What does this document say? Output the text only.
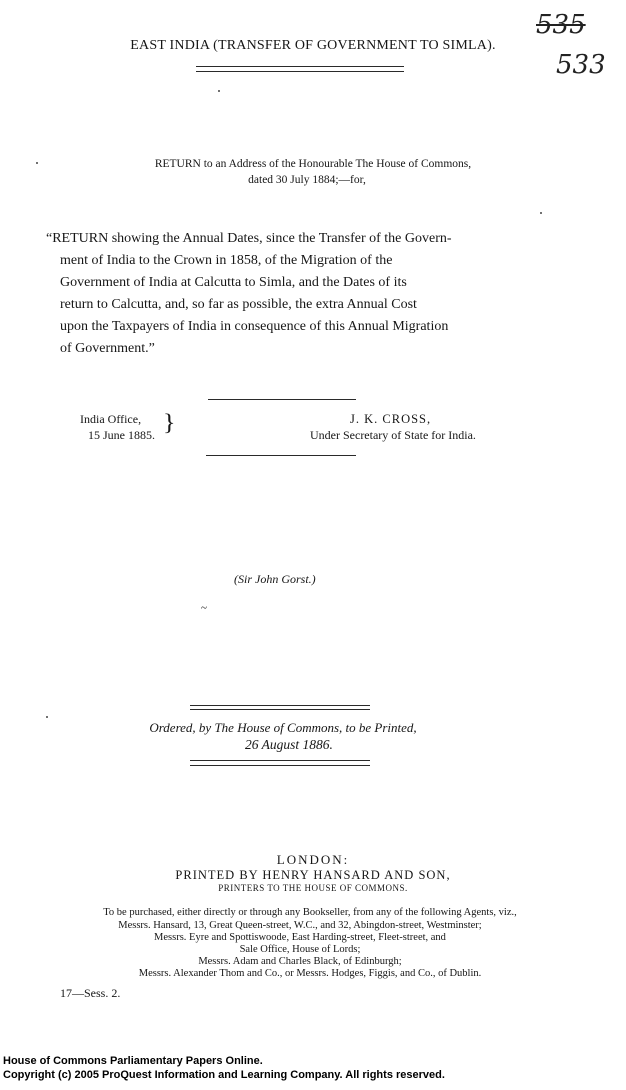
535
533
EAST INDIA (TRANSFER OF GOVERNMENT TO SIMLA).
RETURN to an Address of the Honourable The House of Commons,
dated 30 July 1884;—for,
“RETURN showing the Annual Dates, since the Transfer of the Govern-
ment of India to the Crown in 1858, of the Migration of the
Government of India at Calcutta to Simla, and the Dates of its
return to Calcutta, and, so far as possible, the extra Annual Cost
upon the Taxpayers of India in consequence of this Annual Migration
of Government.”
India Office,
15 June 1885. }	J. K. CROSS,
Under Secretary of State for India.
(Sir John Gorst.)
~
Ordered, by The House of Commons, to be Printed,
26 August 1886.
LONDON:
PRINTED BY HENRY HANSARD AND SON,
PRINTERS TO THE HOUSE OF COMMONS.
To be purchased, either directly or through any Bookseller, from any of the following Agents, viz.,
Messrs. Hansard, 13, Great Queen-street, W.C., and 32, Abingdon-street, Westminster;
Messrs. Eyre and Spottiswoode, East Harding-street, Fleet-street, and
Sale Office, House of Lords;
Messrs. Adam and Charles Black, of Edinburgh;
Messrs. Alexander Thom and Co., or Messrs. Hodges, Figgis, and Co., of Dublin.
17—Sess. 2.
House of Commons Parliamentary Papers Online.
Copyright (c) 2005 ProQuest Information and Learning Company. All rights reserved.
